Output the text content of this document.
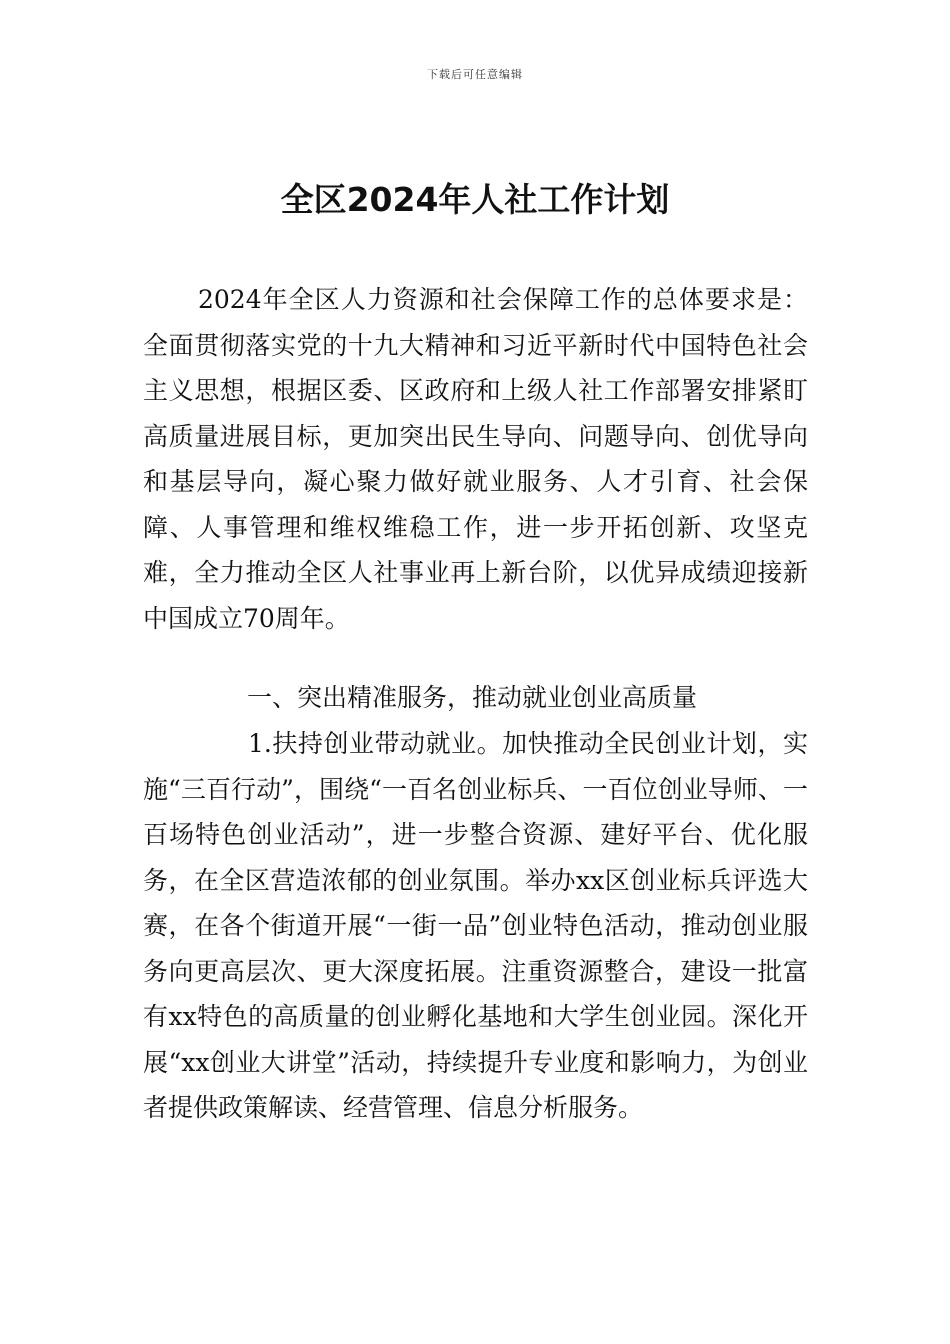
下载后可任意编辑
全区2024年人社工作计划

2024年全区人力资源和社会保障工作的总体要求是：全面贯彻落实党的十九大精神和习近平新时代中国特色社会主义思想，根据区委、区政府和上级人社工作部署安排紧盯高质量进展目标，更加突出民生导向、问题导向、创优导向和基层导向，凝心聚力做好就业服务、人才引育、社会保障、人事管理和维权维稳工作，进一步开拓创新、攻坚克难，全力推动全区人社事业再上新台阶，以优异成绩迎接新中国成立70周年。

一、突出精准服务，推动就业创业高质量

1.扶持创业带动就业。加快推动全民创业计划，实施“三百行动”，围绕“一百名创业标兵、一百位创业导师、一百场特色创业活动”，进一步整合资源、建好平台、优化服务，在全区营造浓郁的创业氛围。举办xx区创业标兵评选大赛，在各个街道开展“一街一品”创业特色活动，推动创业服务向更高层次、更大深度拓展。注重资源整合，建设一批富有xx特色的高质量的创业孵化基地和大学生创业园。深化开展“xx创业大讲堂”活动，持续提升专业度和影响力，为创业者提供政策解读、经营管理、信息分析服务。
